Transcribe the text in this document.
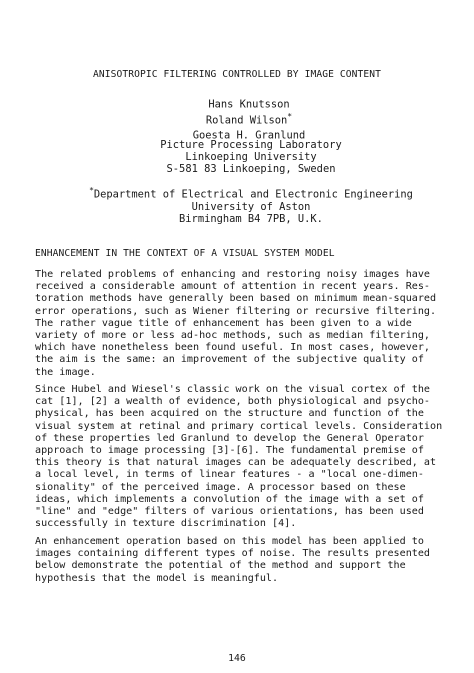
ANISOTROPIC FILTERING CONTROLLED BY IMAGE CONTENT
Hans Knutsson
Roland Wilson*
Goesta H. Granlund
Picture Processing Laboratory
Linkoeping University
S-581 83 Linkoeping, Sweden
*Department of Electrical and Electronic Engineering
University of Aston
Birmingham B4 7PB, U.K.
ENHANCEMENT IN THE CONTEXT OF A VISUAL SYSTEM MODEL
The related problems of enhancing and restoring noisy images have
received a considerable amount of attention in recent years. Res-
toration methods have generally been based on minimum mean-squared
error operations, such as Wiener filtering or recursive filtering.
The rather vague title of enhancement has been given to a wide
variety of more or less ad-hoc methods, such as median filtering,
which have nonetheless been found useful. In most cases, however,
the aim is the same: an improvement of the subjective quality of
the image.
Since Hubel and Wiesel's classic work on the visual cortex of the
cat [1], [2] a wealth of evidence, both physiological and psycho-
physical, has been acquired on the structure and function of the
visual system at retinal and primary cortical levels. Consideration
of these properties led Granlund to develop the General Operator
approach to image processing [3]-[6]. The fundamental premise of
this theory is that natural images can be adequately described, at
a local level, in terms of linear features - a "local one-dimen-
sionality" of the perceived image. A processor based on these
ideas, which implements a convolution of the image with a set of
"line" and "edge" filters of various orientations, has been used
successfully in texture discrimination [4].
An enhancement operation based on this model has been applied to
images containing different types of noise. The results presented
below demonstrate the potential of the method and support the
hypothesis that the model is meaningful.
146
